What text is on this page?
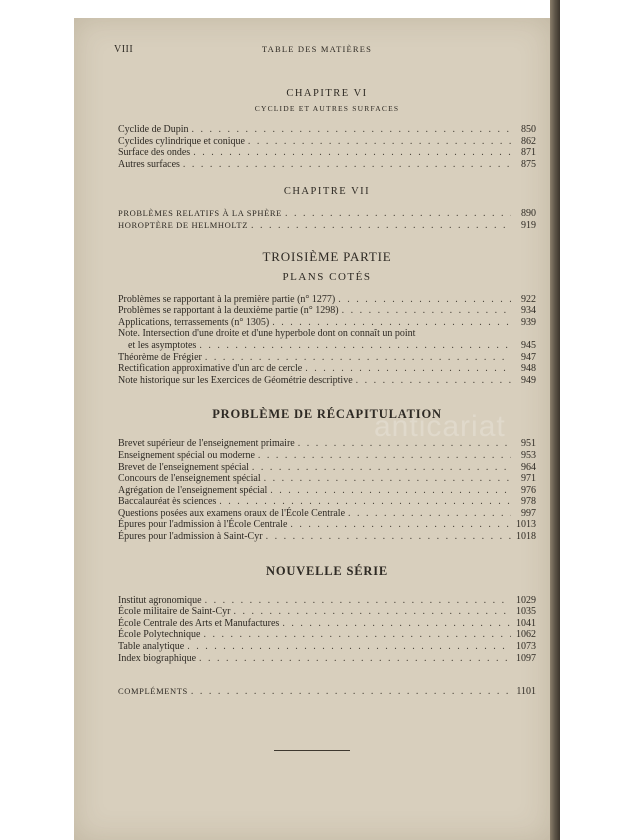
VIII	TABLE DES MATIÈRES
anticariat
CHAPITRE VI
CYCLIDE ET AUTRES SURFACES
Cyclide de Dupin . . .	850
Cyclides cylindrique et conique . . .	862
Surface des ondes . . .	871
Autres surfaces . . .	875
CHAPITRE VII
PROBLÈMES RELATIFS À LA SPHÈRE . . .	890
HOROPTÈRE DE HELMHOLTZ . . .	919
TROISIÈME PARTIE
PLANS COTÉS
Problèmes se rapportant à la première partie (n° 1277) . . .	922
Problèmes se rapportant à la deuxième partie (n° 1298) . . .	934
Applications, terrassements (n° 1305) . . .	939
Note. Intersection d'une droite et d'une hyperbole dont on connaît un point
et les asymptotes . . .	945
Théorème de Frégier . . .	947
Rectification approximative d'un arc de cercle . . .	948
Note historique sur les Exercices de Géométrie descriptive . . .	949
PROBLÈME DE RÉCAPITULATION
Brevet supérieur de l'enseignement primaire . . .	951
Enseignement spécial ou moderne . . .	953
Brevet de l'enseignement spécial . . .	964
Concours de l'enseignement spécial . . .	971
Agrégation de l'enseignement spécial . . .	976
Baccalauréat ès sciences . . .	978
Questions posées aux examens oraux de l'École Centrale . . .	997
Épures pour l'admission à l'École Centrale . . .	1013
Épures pour l'admission à Saint-Cyr . . .	1018
NOUVELLE SÉRIE
Institut agronomique . . .	1029
École militaire de Saint-Cyr . . .	1035
École Centrale des Arts et Manufactures . . .	1041
École Polytechnique . . .	1062
Table analytique . . .	1073
Index biographique . . .	1097
COMPLÉMENTS . . .	1101
